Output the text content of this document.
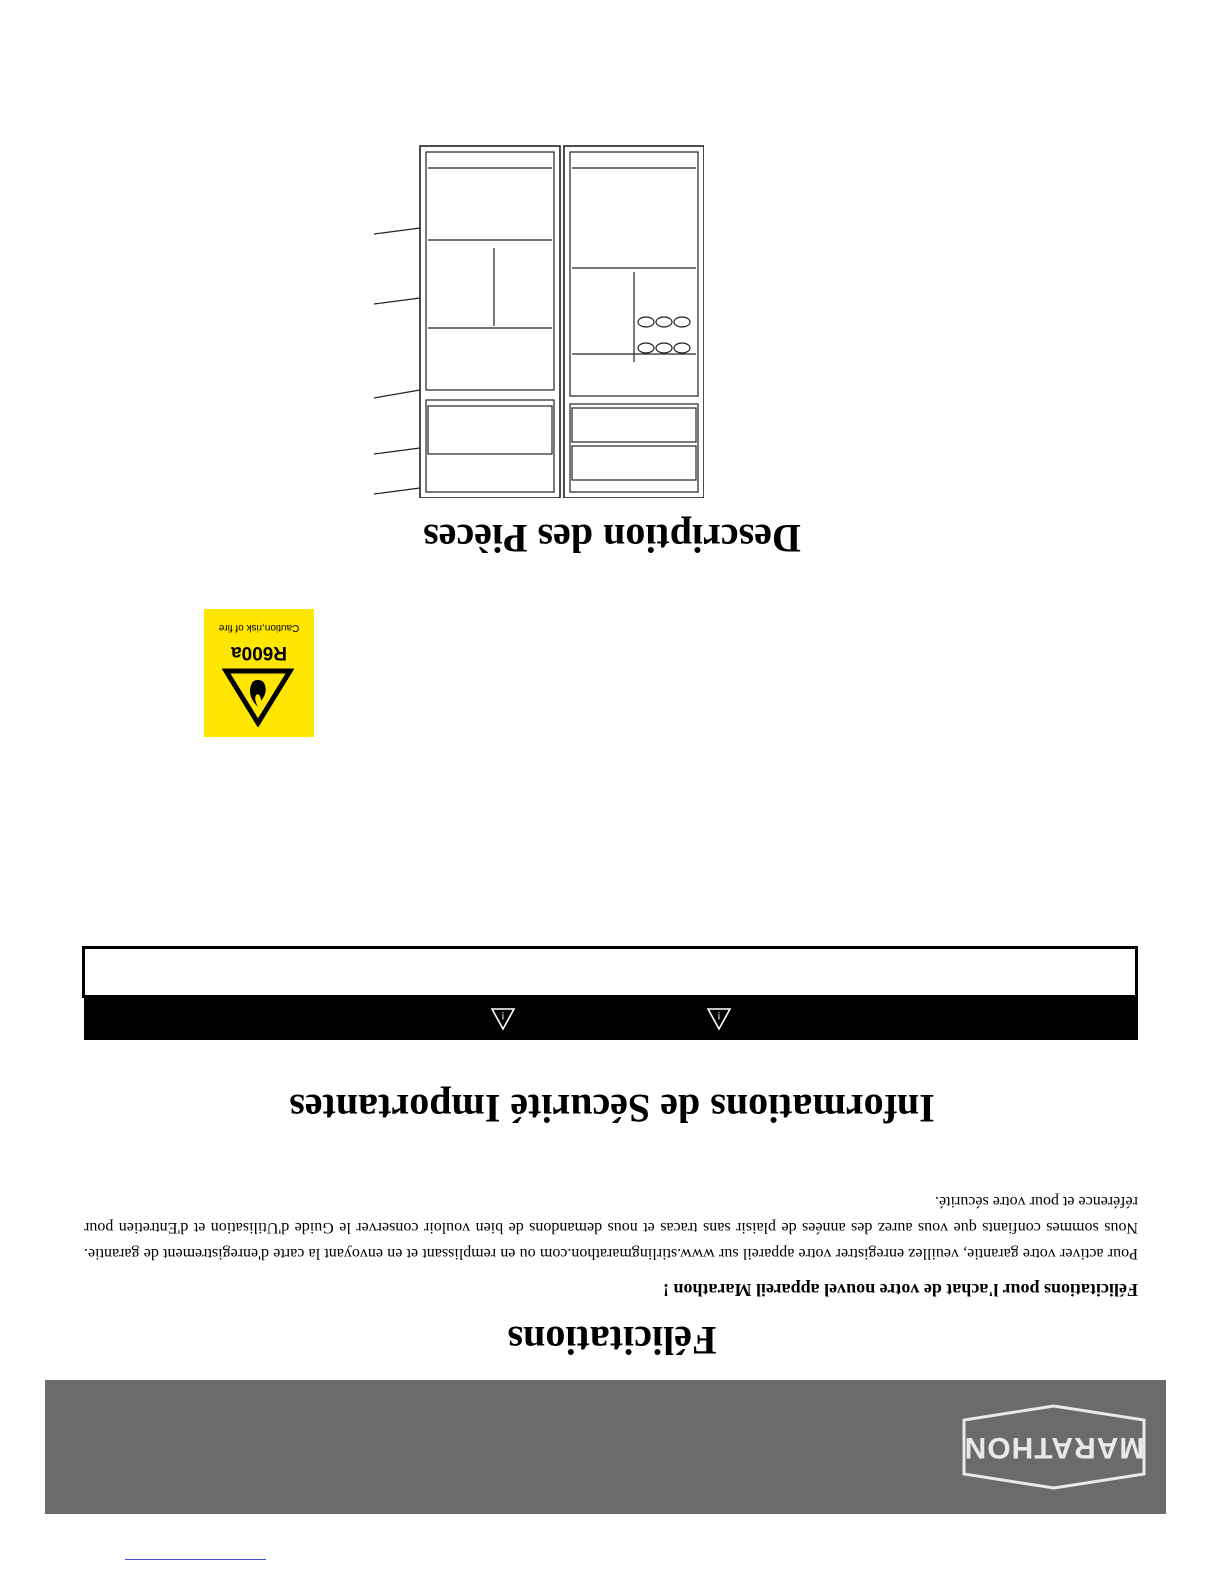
MARATHON
Félicitations
Félicitations pour l'achat de votre nouvel appareil Marathon !
Pour activer votre garantie, veuillez enregistrer votre appareil sur www.stirlingmarathon.com ou en remplissant et en envoyant la carte d'enregistrement de garantie. Nous sommes confiants que vous aurez des années de plaisir sans tracas et nous demandons de bien vouloir conserver le Guide d'Utilisation et d'Entretien pour référence et pour votre sécurité.
Informations de Sécurité Importantes
!
!
R600a
Caution,risk of fire
Description des Pièces
